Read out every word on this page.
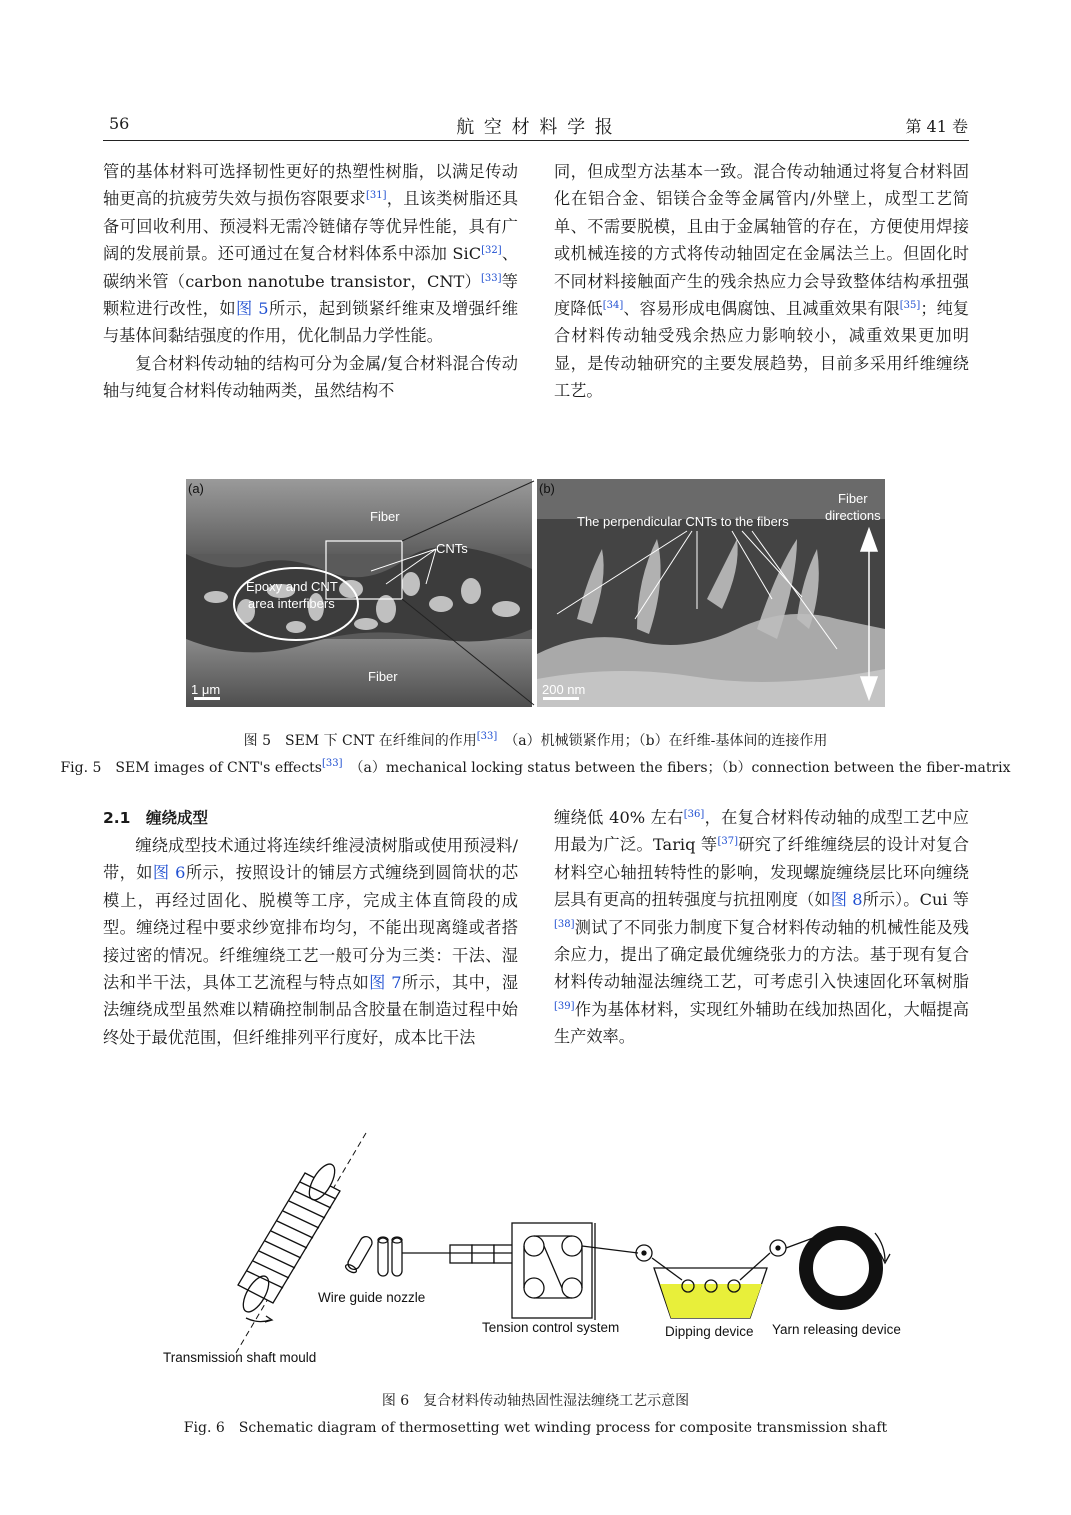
56	航 空 材 料 学 报	第 41 卷

管的基体材料可选择韧性更好的热塑性树脂，以满足传动轴更高的抗疲劳失效与损伤容限要求[31]，且该类树脂还具备可回收利用、预浸料无需冷链储存等优异性能，具有广阔的发展前景。还可通过在复合材料体系中添加 SiC[32]、碳纳米管（carbon nanotube transistor，CNT）[33]等颗粒进行改性，如图 5所示，起到锁紧纤维束及增强纤维与基体间黏结强度的作用，优化制品力学性能。

复合材料传动轴的结构可分为金属/复合材料混合传动轴与纯复合材料传动轴两类，虽然结构不

同，但成型方法基本一致。混合传动轴通过将复合材料固化在铝合金、铝镁合金等金属管内/外壁上，成型工艺简单、不需要脱模，且由于金属轴管的存在，方便使用焊接或机械连接的方式将传动轴固定在金属法兰上。但固化时不同材料接触面产生的残余热应力会导致整体结构承扭强度降低[34]、容易形成电偶腐蚀、且减重效果有限[35]；纯复合材料传动轴受残余热应力影响较小，减重效果更加明显，是传动轴研究的主要发展趋势，目前多采用纤维缠绕工艺。

(a)
Fiber
CNTs
Epoxy and CNT
area interfibers
Fiber
1 μm
(b)
The perpendicular CNTs to the fibers
Fiber
directions
200 nm
图 5　SEM 下 CNT 在纤维间的作用[33]　 （a）机械锁紧作用；（b）在纤维-基体间的连接作用
Fig. 5　SEM images of CNT's effects[33]　 （a）mechanical locking status between the fibers；（b）connection between the fiber-matrix
2.1　 缠绕成型

缠绕成型技术通过将连续纤维浸渍树脂或使用预浸料/带，如图 6所示，按照设计的铺层方式缠绕到圆筒状的芯模上，再经过固化、脱模等工序，完成主体直筒段的成型。缠绕过程中要求纱宽排布均匀，不能出现离缝或者搭接过密的情况。纤维缠绕工艺一般可分为三类：干法、湿法和半干法，具体工艺流程与特点如图 7所示，其中，湿法缠绕成型虽然难以精确控制制品含胶量在制造过程中始终处于最优范围，但纤维排列平行度好，成本比干法

缠绕低 40% 左右[36]，在复合材料传动轴的成型工艺中应用最为广泛。Tariq 等[37]研究了纤维缠绕层的设计对复合材料空心轴扭转特性的影响，发现螺旋缠绕层比环向缠绕层具有更高的扭转强度与抗扭刚度（如图 8所示）。Cui 等[38]测试了不同张力制度下复合材料传动轴的机械性能及残余应力，提出了确定最优缠绕张力的方法。基于现有复合材料传动轴湿法缠绕工艺，可考虑引入快速固化环氧树脂[39]作为基体材料，实现红外辅助在线加热固化，大幅提高生产效率。

Wire guide nozzle
Tension control system	Dipping device Yarn releasing device
Transmission shaft mould
图 6　复合材料传动轴热固性湿法缠绕工艺示意图
Fig. 6　Schematic diagram of thermosetting wet winding process for composite transmission shaft
